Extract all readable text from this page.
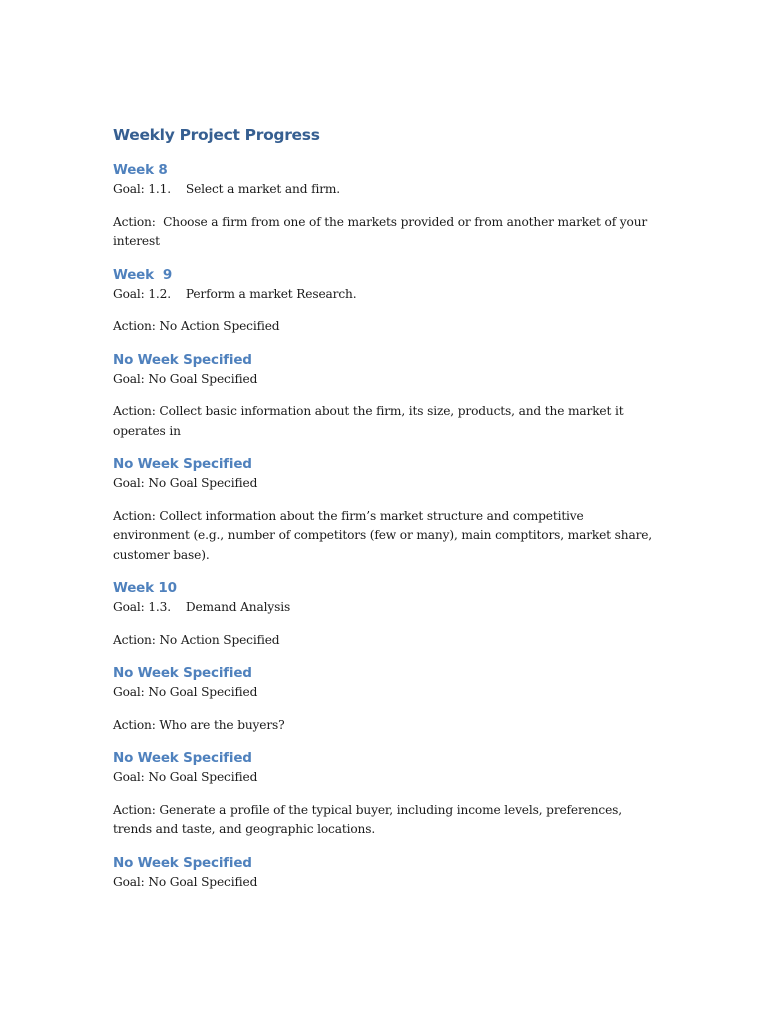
Weekly Project Progress
Week 8

Goal: 1.1.    Select a market and firm.

Action:  Choose a firm from one of the markets provided or from another market of your interest

Week  9

Goal: 1.2.    Perform a market Research.

Action: No Action Specified

No Week Specified

Goal: No Goal Specified

Action: Collect basic information about the firm, its size, products, and the market it operates in

No Week Specified

Goal: No Goal Specified

Action: Collect information about the firm’s market structure and competitive environment (e.g., number of competitors (few or many), main comptitors, market share, customer base).

Week 10

Goal: 1.3.    Demand Analysis

Action: No Action Specified

No Week Specified

Goal: No Goal Specified

Action: Who are the buyers?

No Week Specified

Goal: No Goal Specified

Action: Generate a profile of the typical buyer, including income levels, preferences, trends and taste, and geographic locations.

No Week Specified

Goal: No Goal Specified
